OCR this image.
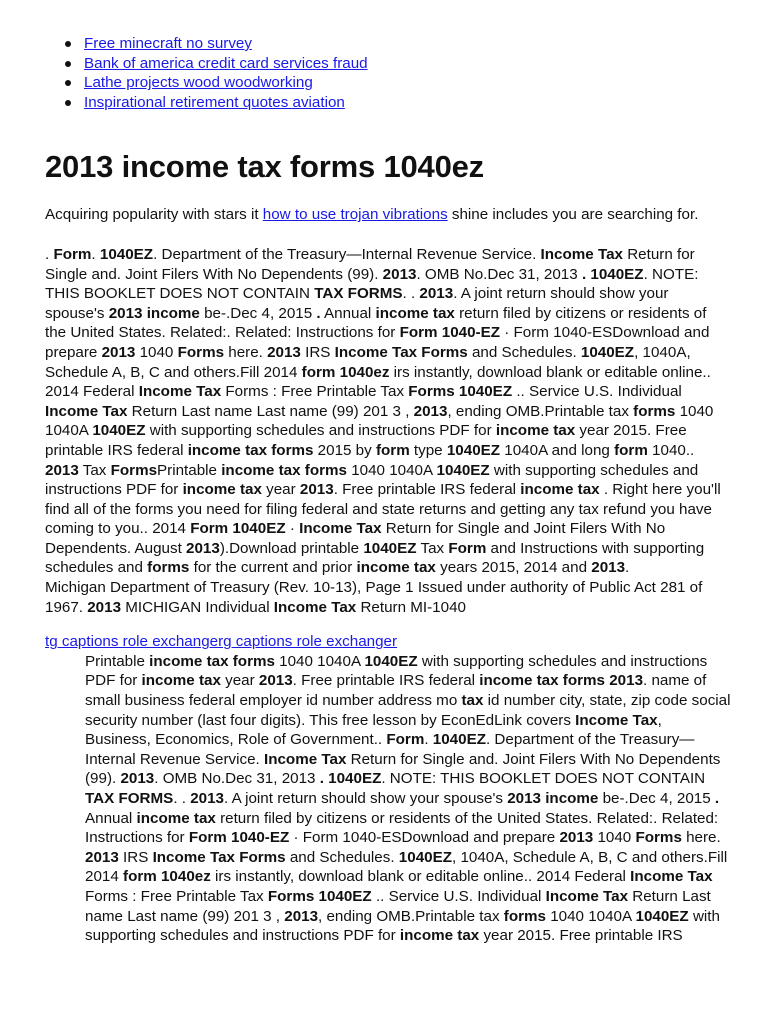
Free minecraft no survey
Bank of america credit card services fraud
Lathe projects wood woodworking
Inspirational retirement quotes aviation
2013 income tax forms 1040ez

Acquiring popularity with stars it how to use trojan vibrations shine includes you are searching for.

. Form. 1040EZ. Department of the Treasury—Internal Revenue Service. Income Tax Return for Single and. Joint Filers With No Dependents (99). 2013. OMB No.Dec 31, 2013 . 1040EZ. NOTE: THIS BOOKLET DOES NOT CONTAIN TAX FORMS. . 2013. A joint return should show your spouse's 2013 income be-.Dec 4, 2015 . Annual income tax return filed by citizens or residents of the United States. Related:. Related: Instructions for Form 1040-EZ · Form 1040-ESDownload and prepare 2013 1040 Forms here. 2013 IRS Income Tax Forms and Schedules. 1040EZ, 1040A, Schedule A, B, C and others.Fill 2014 form 1040ez irs instantly, download blank or editable online.. 2014 Federal Income Tax Forms : Free Printable Tax Forms 1040EZ .. Service U.S. Individual Income Tax Return Last name Last name (99) 201 3 , 2013, ending OMB.Printable tax forms 1040 1040A 1040EZ with supporting schedules and instructions PDF for income tax year 2015. Free printable IRS federal income tax forms 2015 by form type 1040EZ 1040A and long form 1040.. 2013 Tax FormsPrintable income tax forms 1040 1040A 1040EZ with supporting schedules and instructions PDF for income tax year 2013. Free printable IRS federal income tax . Right here you'll find all of the forms you need for filing federal and state returns and getting any tax refund you have coming to you.. 2014 Form 1040EZ · Income Tax Return for Single and Joint Filers With No Dependents. August 2013).Download printable 1040EZ Tax Form and Instructions with supporting schedules and forms for the current and prior income tax years 2015, 2014 and 2013.

Michigan Department of Treasury (Rev. 10-13), Page 1 Issued under authority of Public Act 281 of 1967. 2013 MICHIGAN Individual Income Tax Return MI-1040

tg captions role exchangerg captions role exchanger

Printable income tax forms 1040 1040A 1040EZ with supporting schedules and instructions PDF for income tax year 2013. Free printable IRS federal income tax forms 2013. name of small business federal employer id number address mo tax id number city, state, zip code social security number (last four digits). This free lesson by EconEdLink covers Income Tax, Business, Economics, Role of Government.. Form. 1040EZ. Department of the Treasury—Internal Revenue Service. Income Tax Return for Single and. Joint Filers With No Dependents (99). 2013. OMB No.Dec 31, 2013 . 1040EZ. NOTE: THIS BOOKLET DOES NOT CONTAIN TAX FORMS. . 2013. A joint return should show your spouse's 2013 income be-.Dec 4, 2015 . Annual income tax return filed by citizens or residents of the United States. Related:. Related: Instructions for Form 1040-EZ · Form 1040-ESDownload and prepare 2013 1040 Forms here. 2013 IRS Income Tax Forms and Schedules. 1040EZ, 1040A, Schedule A, B, C and others.Fill 2014 form 1040ez irs instantly, download blank or editable online.. 2014 Federal Income Tax Forms : Free Printable Tax Forms 1040EZ .. Service U.S. Individual Income Tax Return Last name Last name (99) 201 3 , 2013, ending OMB.Printable tax forms 1040 1040A 1040EZ with supporting schedules and instructions PDF for income tax year 2015. Free printable IRS
